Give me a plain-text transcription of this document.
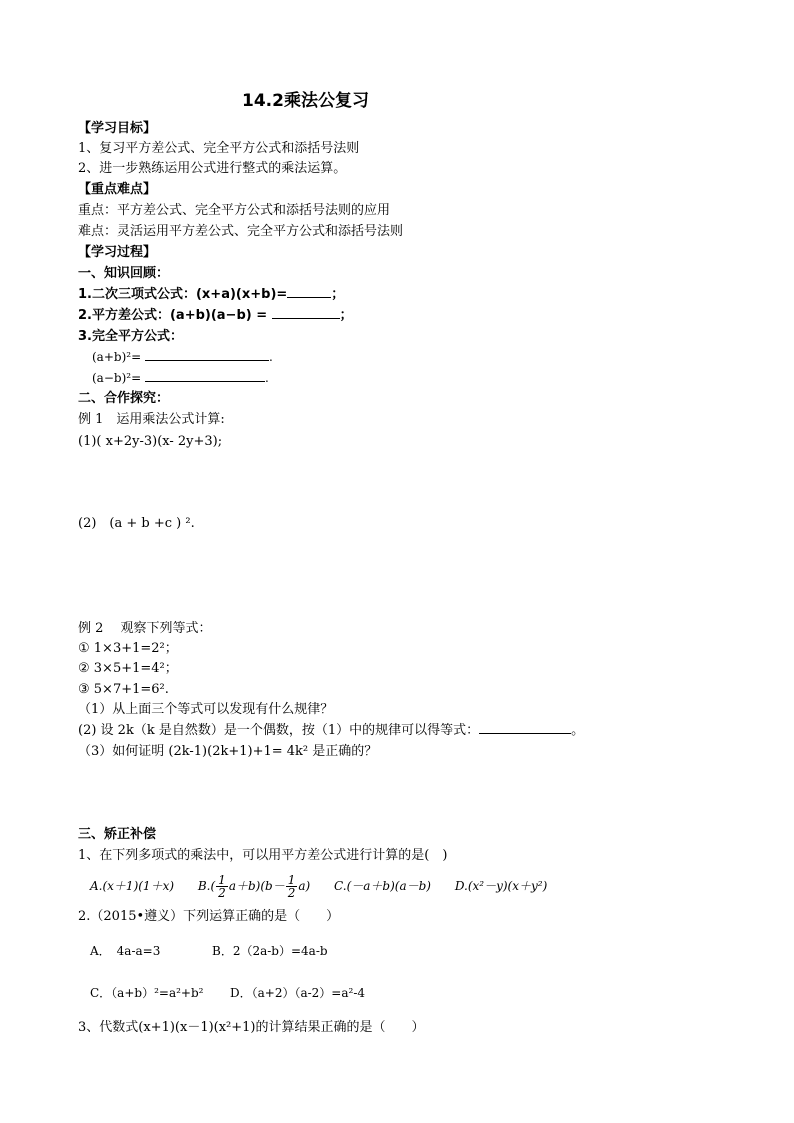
14.2乘法公复习
【学习目标】
1、复习平方差公式、完全平方公式和添括号法则
2、进一步熟练运用公式进行整式的乘法运算。
【重点难点】
重点：平方差公式、完全平方公式和添括号法则的应用
难点：灵活运用平方差公式、完全平方公式和添括号法则
【学习过程】
一、知识回顾：
1.二次三项式公式：(x+a)(x+b)=	；
2.平方差公式：(a+b)(a−b) =	；
3.完全平方公式：
(a+b)²=	.
(a−b)²=	.
二、合作探究：
例 1　运用乘法公式计算:
(1)( x+2y-3)(x- 2y+3);
(2)　(a + b +c ) ².
例 2　 观察下列等式：
① 1×3+1=2²；
② 3×5+1=4²；
③ 5×7+1=6².
（1）从上面三个等式可以发现有什么规律？
(2) 设 2k（k 是自然数）是一个偶数，按（1）中的规律可以得等式：	。
（3）如何证明 (2k-1)(2k+1)+1= 4k² 是正确的？
三、矫正补偿
1、在下列多项式的乘法中，可以用平方差公式进行计算的是(　)
A.(x＋1)(1＋x) $B.( \frac{1}{2} a+b)(b- \frac{1}{2} a)$ C.(－a＋b)(a－b) D.(x²－y)(x＋y²)
2.（2015•遵义）下列运算正确的是（　　）
A．　4a-a=3	B．2（2a-b）=4a-b
C．（a+b）²=a²+b² D．（a+2）（a-2）=a²-4
3、代数式(x+1)(x－1)(x²+1)的计算结果正确的是（　　）
